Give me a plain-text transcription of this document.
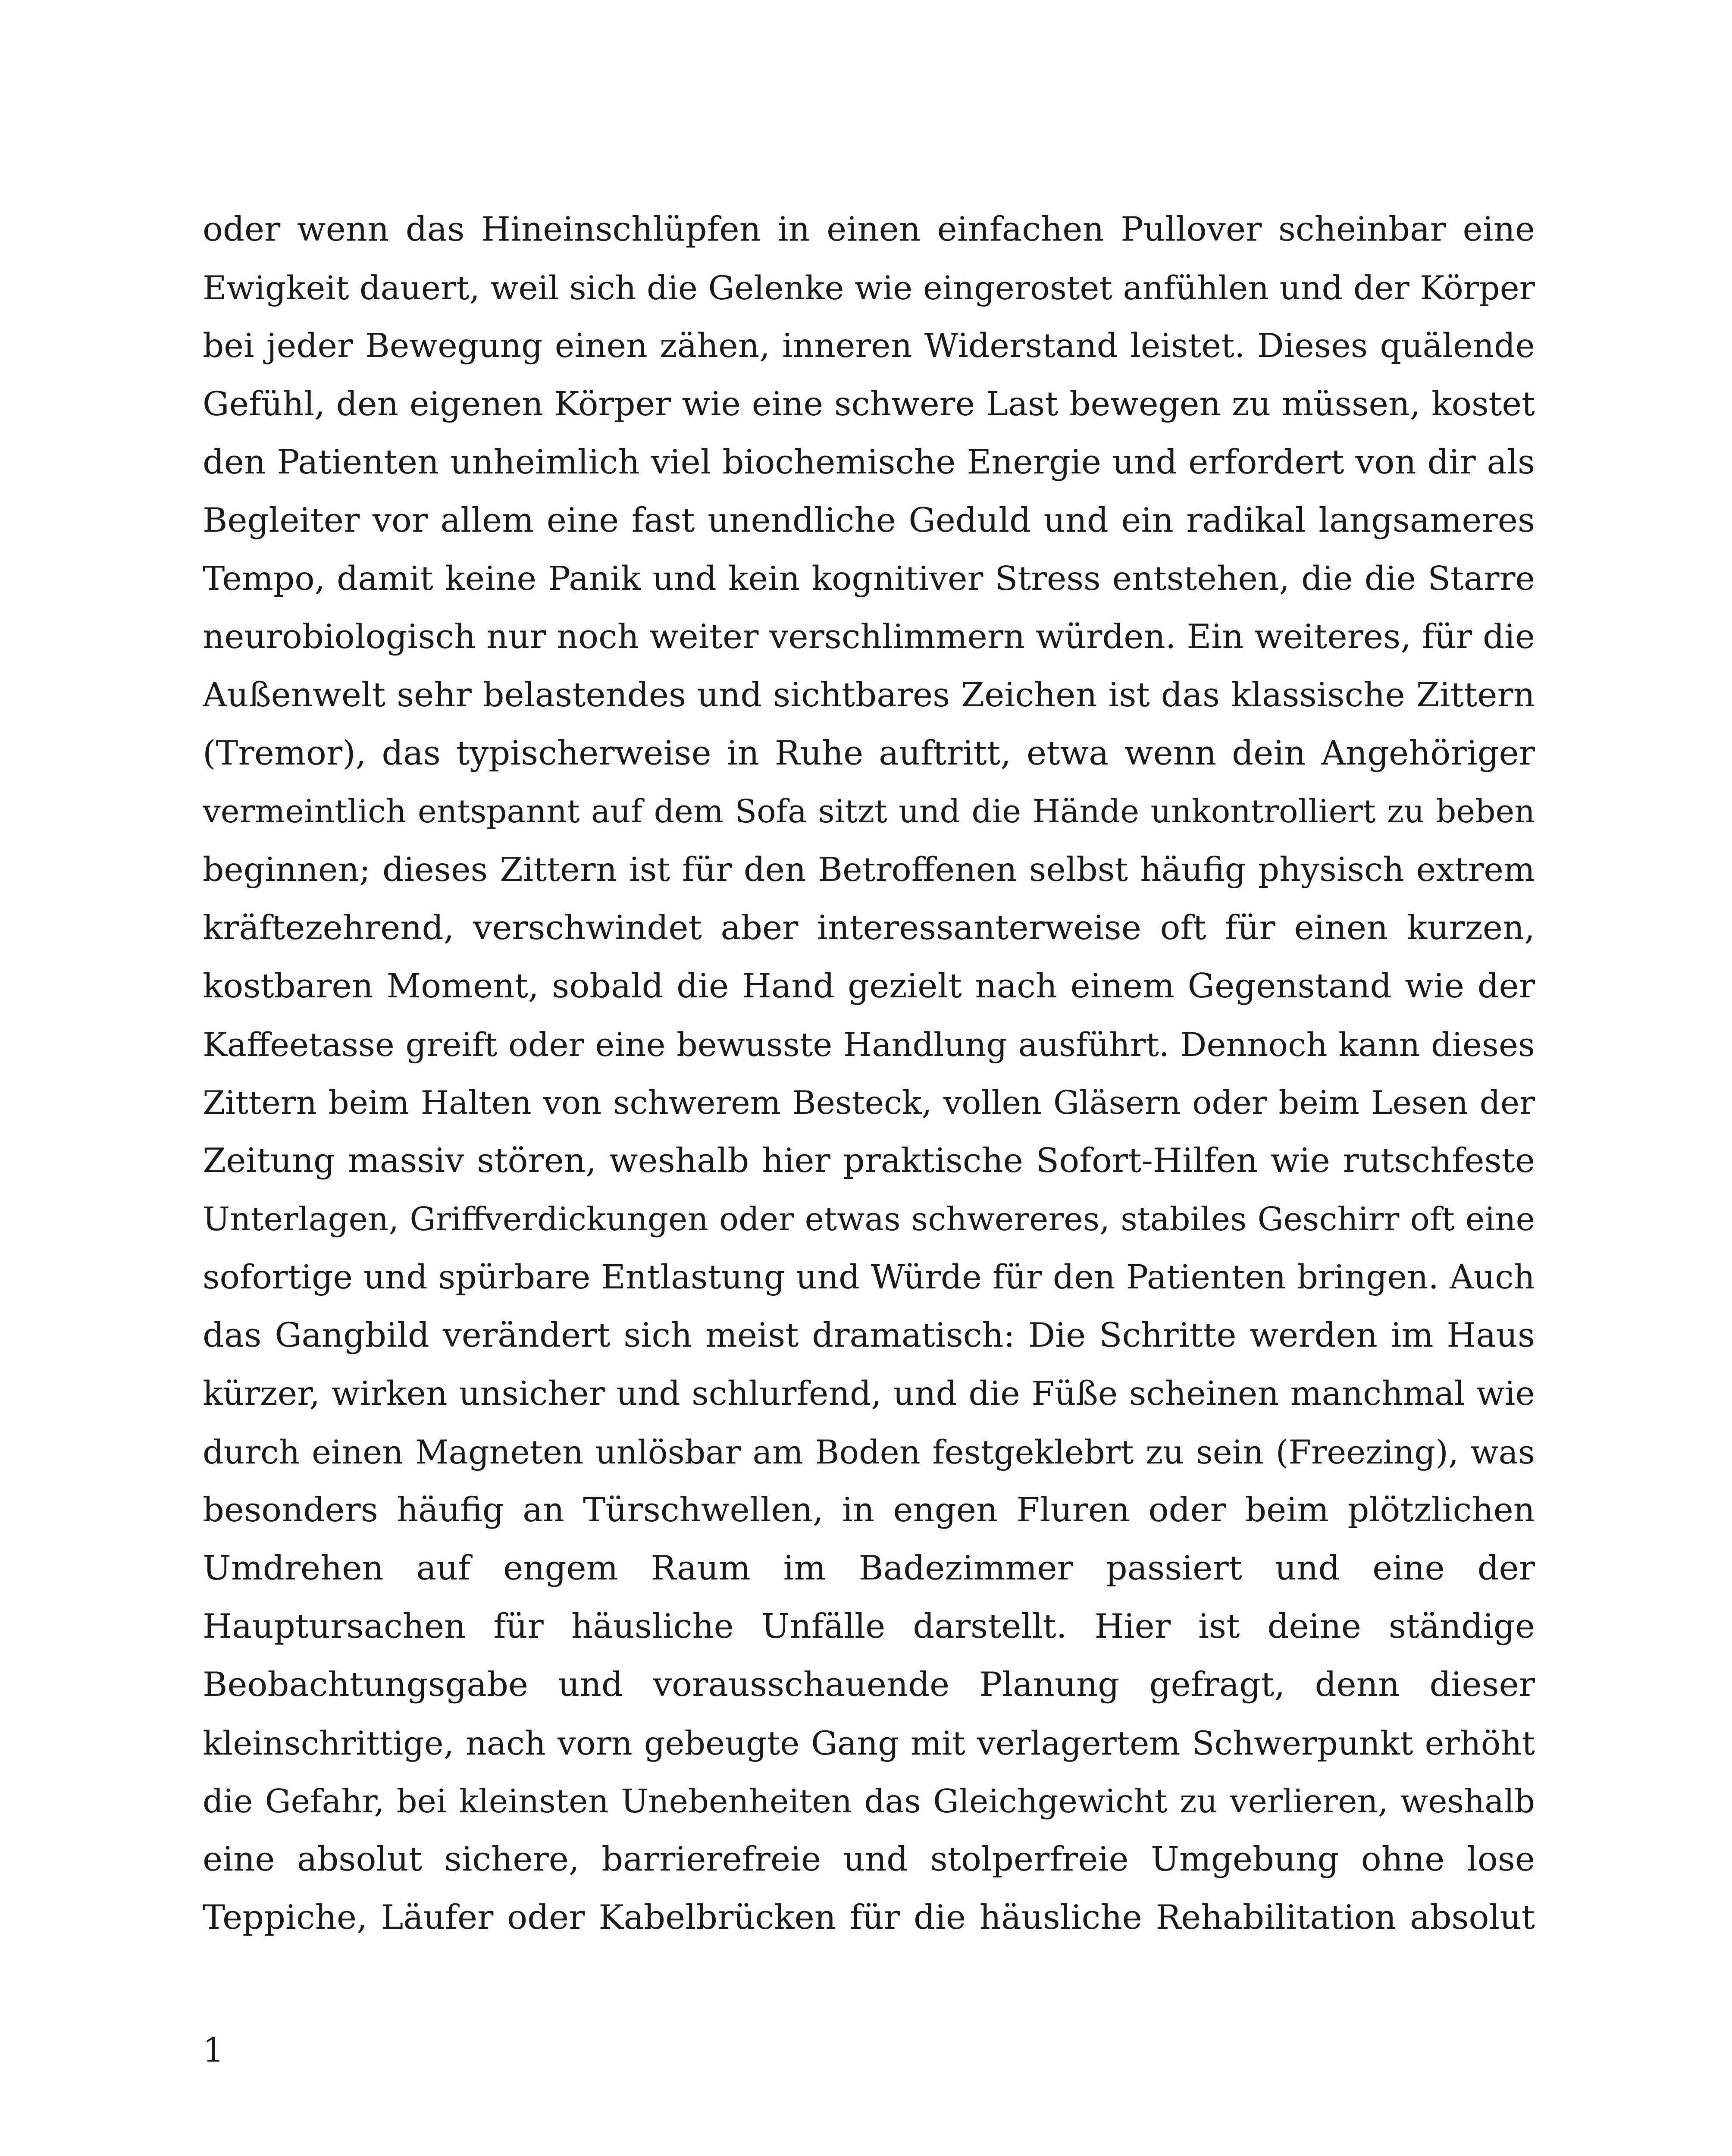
oder wenn das Hineinschlüpfen in einen einfachen Pullover scheinbar eine
Ewigkeit dauert, weil sich die Gelenke wie eingerostet anfühlen und der Körper
bei jeder Bewegung einen zähen, inneren Widerstand leistet. Dieses quälende
Gefühl, den eigenen Körper wie eine schwere Last bewegen zu müssen, kostet
den Patienten unheimlich viel biochemische Energie und erfordert von dir als
Begleiter vor allem eine fast unendliche Geduld und ein radikal langsameres
Tempo, damit keine Panik und kein kognitiver Stress entstehen, die die Starre
neurobiologisch nur noch weiter verschlimmern würden. Ein weiteres, für die
Außenwelt sehr belastendes und sichtbares Zeichen ist das klassische Zittern
(Tremor), das typischerweise in Ruhe auftritt, etwa wenn dein Angehöriger
vermeintlich entspannt auf dem Sofa sitzt und die Hände unkontrolliert zu beben
beginnen; dieses Zittern ist für den Betroffenen selbst häufig physisch extrem
kräftezehrend, verschwindet aber interessanterweise oft für einen kurzen,
kostbaren Moment, sobald die Hand gezielt nach einem Gegenstand wie der
Kaffeetasse greift oder eine bewusste Handlung ausführt. Dennoch kann dieses
Zittern beim Halten von schwerem Besteck, vollen Gläsern oder beim Lesen der
Zeitung massiv stören, weshalb hier praktische Sofort-Hilfen wie rutschfeste
Unterlagen, Griffverdickungen oder etwas schwereres, stabiles Geschirr oft eine
sofortige und spürbare Entlastung und Würde für den Patienten bringen. Auch
das Gangbild verändert sich meist dramatisch: Die Schritte werden im Haus
kürzer, wirken unsicher und schlurfend, und die Füße scheinen manchmal wie
durch einen Magneten unlösbar am Boden festgeklebrt zu sein (Freezing), was
besonders häufig an Türschwellen, in engen Fluren oder beim plötzlichen
Umdrehen auf engem Raum im Badezimmer passiert und eine der
Hauptursachen für häusliche Unfälle darstellt. Hier ist deine ständige
Beobachtungsgabe und vorausschauende Planung gefragt, denn dieser
kleinschrittige, nach vorn gebeugte Gang mit verlagertem Schwerpunkt erhöht
die Gefahr, bei kleinsten Unebenheiten das Gleichgewicht zu verlieren, weshalb
eine absolut sichere, barrierefreie und stolperfreie Umgebung ohne lose
Teppiche, Läufer oder Kabelbrücken für die häusliche Rehabilitation absolut
1
